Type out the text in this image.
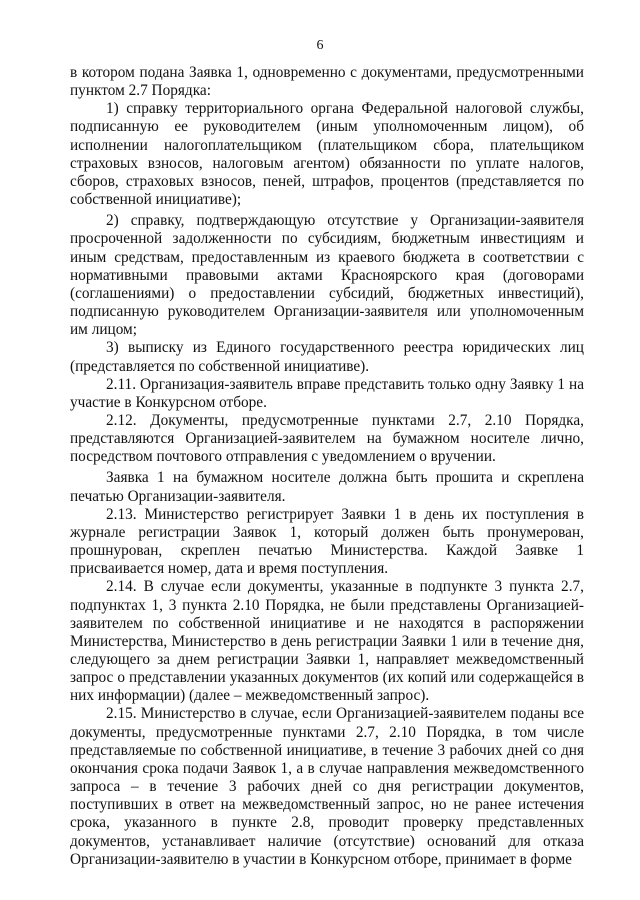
6

в котором подана Заявка 1, одновременно с документами, предусмотренными пунктом 2.7 Порядка:

1) справку территориального органа Федеральной налоговой службы, подписанную ее руководителем (иным уполномоченным лицом), об исполнении налогоплательщиком (плательщиком сбора, плательщиком страховых взносов, налоговым агентом) обязанности по уплате налогов, сборов, страховых взносов, пеней, штрафов, процентов (представляется по собственной инициативе);

2) справку, подтверждающую отсутствие у Организации-заявителя просроченной задолженности по субсидиям, бюджетным инвестициям и иным средствам, предоставленным из краевого бюджета в соответствии с нормативными правовыми актами Красноярского края (договорами (соглашениями) о предоставлении субсидий, бюджетных инвестиций), подписанную руководителем Организации-заявителя или уполномоченным им лицом;

3) выписку из Единого государственного реестра юридических лиц (представляется по собственной инициативе).

2.11. Организация-заявитель вправе представить только одну Заявку 1 на участие в Конкурсном отборе.

2.12. Документы, предусмотренные пунктами 2.7, 2.10 Порядка, представляются Организацией-заявителем на бумажном носителе лично, посредством почтового отправления с уведомлением о вручении.

Заявка 1 на бумажном носителе должна быть прошита и скреплена печатью Организации-заявителя.

2.13. Министерство регистрирует Заявки 1 в день их поступления в журнале регистрации Заявок 1, который должен быть пронумерован, прошнурован, скреплен печатью Министерства. Каждой Заявке 1 присваивается номер, дата и время поступления.

2.14. В случае если документы, указанные в подпункте 3 пункта 2.7, подпунктах 1, 3 пункта 2.10 Порядка, не были представлены Организацией-заявителем по собственной инициативе и не находятся в распоряжении Министерства, Министерство в день регистрации Заявки 1 или в течение дня, следующего за днем регистрации Заявки 1, направляет межведомственный запрос о представлении указанных документов (их копий или содержащейся в них информации) (далее – межведомственный запрос).

2.15. Министерство в случае, если Организацией-заявителем поданы все документы, предусмотренные пунктами 2.7, 2.10 Порядка, в том числе представляемые по собственной инициативе, в течение 3 рабочих дней со дня окончания срока подачи Заявок 1, а в случае направления межведомственного запроса – в течение 3 рабочих дней со дня регистрации документов, поступивших в ответ на межведомственный запрос, но не ранее истечения срока, указанного в пункте 2.8, проводит проверку представленных документов, устанавливает наличие (отсутствие) оснований для отказа Организации-заявителю в участии в Конкурсном отборе, принимает в форме
